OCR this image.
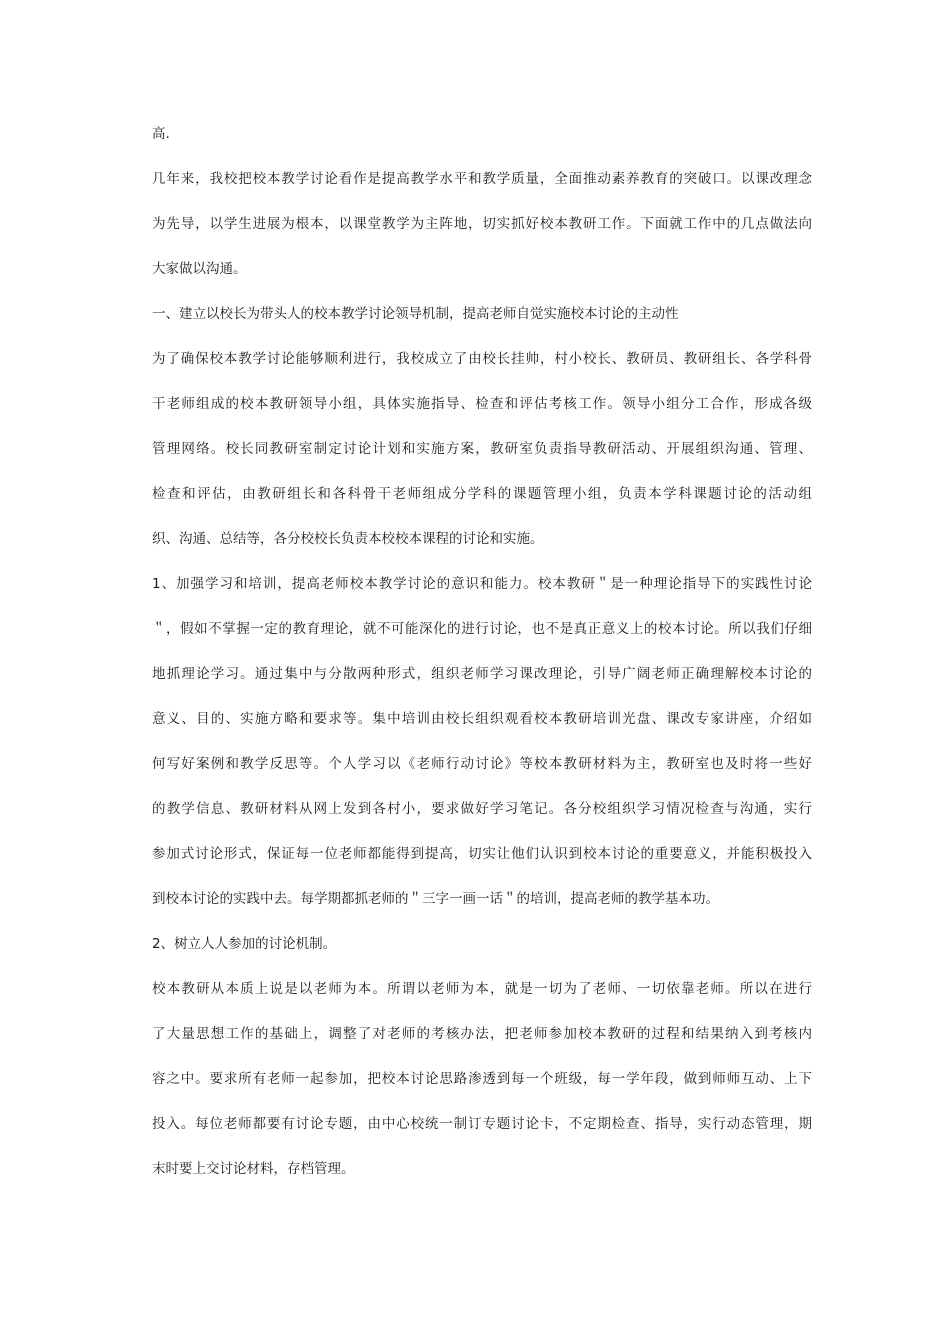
高.
几年来，我校把校本教学讨论看作是提高教学水平和教学质量，全面推动素养教育的突破口。以课改理念
为先导，以学生进展为根本，以课堂教学为主阵地，切实抓好校本教研工作。下面就工作中的几点做法向
大家做以沟通。
一、建立以校长为带头人的校本教学讨论领导机制，提高老师自觉实施校本讨论的主动性
为了确保校本教学讨论能够顺利进行，我校成立了由校长挂帅，村小校长、教研员、教研组长、各学科骨
干老师组成的校本教研领导小组，具体实施指导、检查和评估考核工作。领导小组分工合作，形成各级
管理网络。校长同教研室制定讨论计划和实施方案，教研室负责指导教研活动、开展组织沟通、管理、
检查和评估，由教研组长和各科骨干老师组成分学科的课题管理小组，负责本学科课题讨论的活动组
织、沟通、总结等，各分校校长负责本校校本课程的讨论和实施。
1、加强学习和培训，提高老师校本教学讨论的意识和能力。校本教研＂是一种理论指导下的实践性讨论
＂，假如不掌握一定的教育理论，就不可能深化的进行讨论，也不是真正意义上的校本讨论。所以我们仔细
地抓理论学习。通过集中与分散两种形式，组织老师学习课改理论，引导广阔老师正确理解校本讨论的
意义、目的、实施方略和要求等。集中培训由校长组织观看校本教研培训光盘、课改专家讲座，介绍如
何写好案例和教学反思等。个人学习以《老师行动讨论》等校本教研材料为主，教研室也及时将一些好
的教学信息、教研材料从网上发到各村小，要求做好学习笔记。各分校组织学习情况检查与沟通，实行
参加式讨论形式，保证每一位老师都能得到提高，切实让他们认识到校本讨论的重要意义，并能积极投入
到校本讨论的实践中去。每学期都抓老师的＂三字一画一话＂的培训，提高老师的教学基本功。
2、树立人人参加的讨论机制。
校本教研从本质上说是以老师为本。所谓以老师为本，就是一切为了老师、一切依靠老师。所以在进行
了大量思想工作的基础上，调整了对老师的考核办法，把老师参加校本教研的过程和结果纳入到考核内
容之中。要求所有老师一起参加，把校本讨论思路渗透到每一个班级，每一学年段，做到师师互动、上下
投入。每位老师都要有讨论专题，由中心校统一制订专题讨论卡，不定期检查、指导，实行动态管理，期
末时要上交讨论材料，存档管理。
